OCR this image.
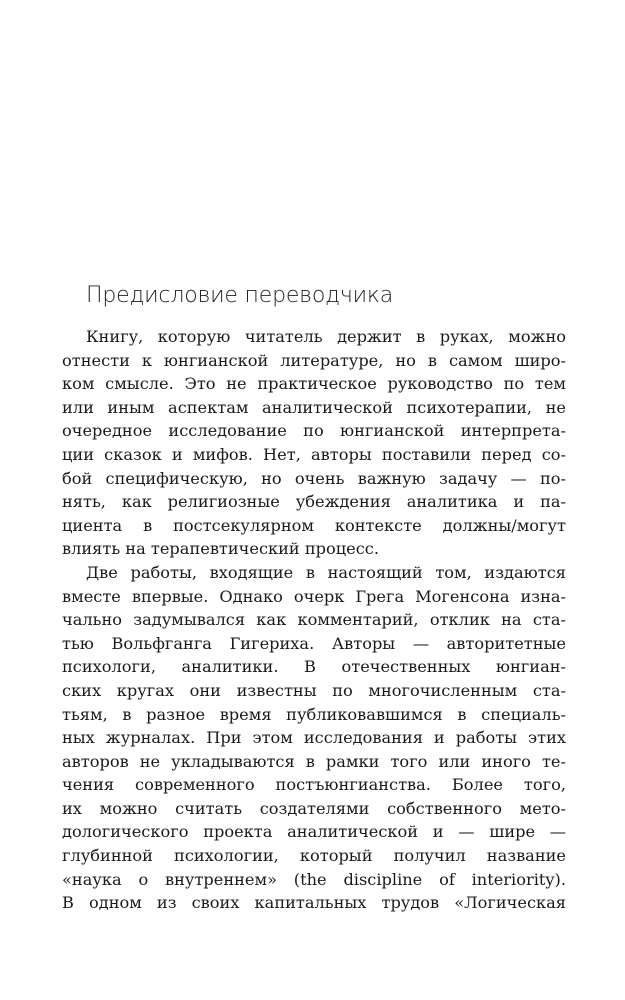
Предисловие переводчика
Книгу, которую читатель держит в руках, можно
отнести к юнгианской литературе, но в самом широ-
ком смысле. Это не практическое руководство по тем
или иным аспектам аналитической психотерапии, не
очередное исследование по юнгианской интерпрета-
ции сказок и мифов. Нет, авторы поставили перед со-
бой специфическую, но очень важную задачу — по-
нять, как религиозные убеждения аналитика и па-
циента в постсекулярном контексте должны/могут
влиять на терапевтический процесс.
Две работы, входящие в настоящий том, издаются
вместе впервые. Однако очерк Грега Могенсона изна-
чально задумывался как комментарий, отклик на ста-
тью Вольфганга Гигериха. Авторы — авторитетные
психологи, аналитики. В отечественных юнгиан-
ских кругах они известны по многочисленным ста-
тьям, в разное время публиковавшимся в специаль-
ных журналах. При этом исследования и работы этих
авторов не укладываются в рамки того или иного те-
чения современного постъюнгианства. Более того,
их можно считать создателями собственного мето-
дологического проекта аналитической и — шире —
глубинной психологии, который получил название
«наука о внутреннем» (the discipline of interiority).
В одном из своих капитальных трудов «Логическая
